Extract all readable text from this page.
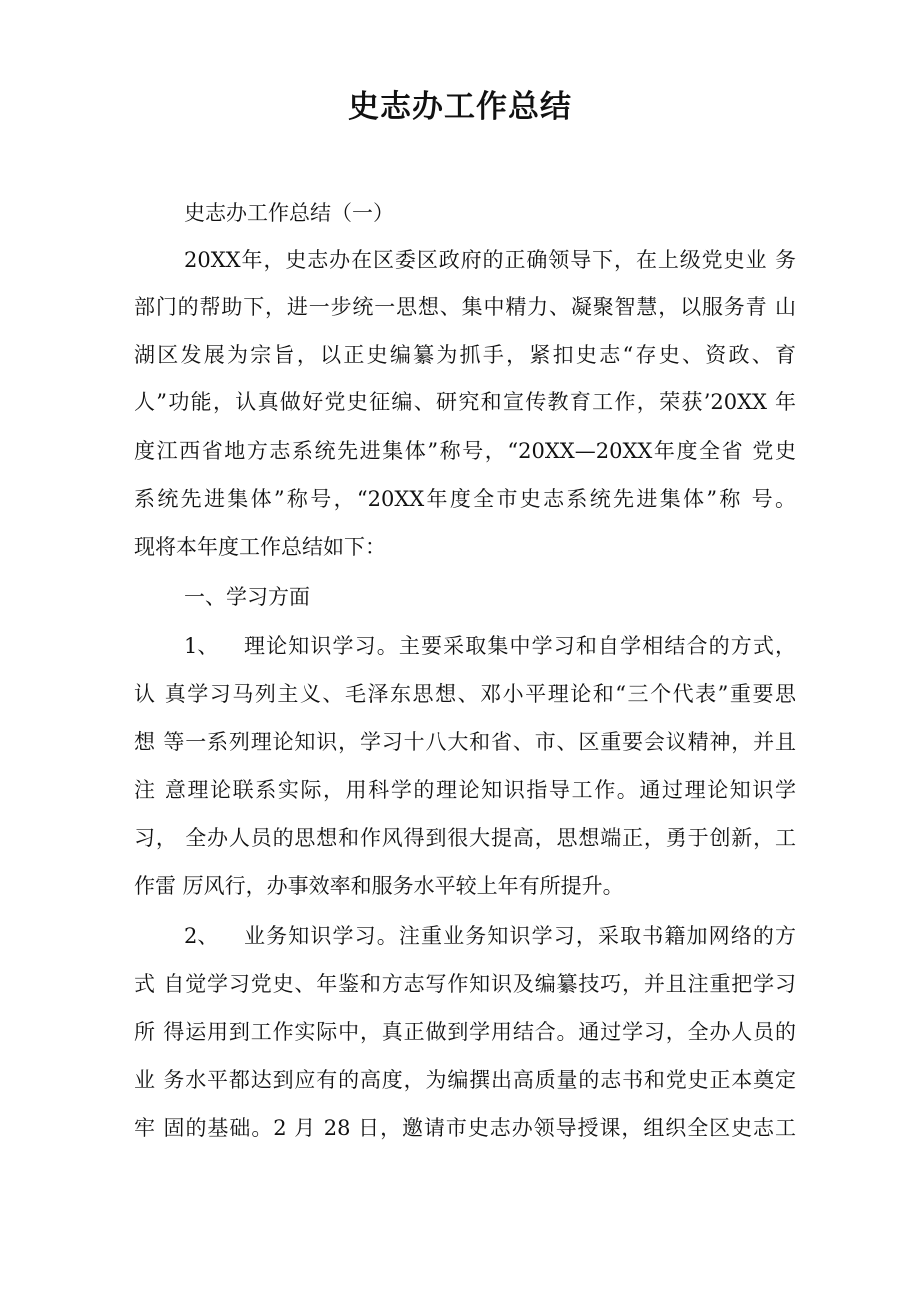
史志办工作总结
史志办工作总结（一）
20XX年，史志办在区委区政府的正确领导下，在上级党史业 务
部门的帮助下，进一步统一思想、集中精力、凝聚智慧，以服务青 山
湖区发展为宗旨，以正史编纂为抓手，紧扣史志“存史、资政、育
人”功能，认真做好党史征编、研究和宣传教育工作，荣获’20XX 年
度江西省地方志系统先进集体”称号，“20XX—20XX年度全省 党史
系统先进集体”称号，“20XX年度全市史志系统先进集体”称 号。
现将本年度工作总结如下：
一、学习方面
1、	理论知识学习。主要采取集中学习和自学相结合的方式，
认 真学习马列主义、毛泽东思想、邓小平理论和“三个代表”重要思
想 等一系列理论知识，学习十八大和省、市、区重要会议精神，并且
注 意理论联系实际，用科学的理论知识指导工作。通过理论知识学
习， 全办人员的思想和作风得到很大提高，思想端正，勇于创新，工
作雷 厉风行，办事效率和服务水平较上年有所提升。
2、	业务知识学习。注重业务知识学习，采取书籍加网络的方
式 自觉学习党史、年鉴和方志写作知识及编纂技巧，并且注重把学习
所 得运用到工作实际中，真正做到学用结合。通过学习，全办人员的
业 务水平都达到应有的高度，为编撰出高质量的志书和党史正本奠定
牢 固的基础。2 月 28 日，邀请市史志办领导授课，组织全区史志工
